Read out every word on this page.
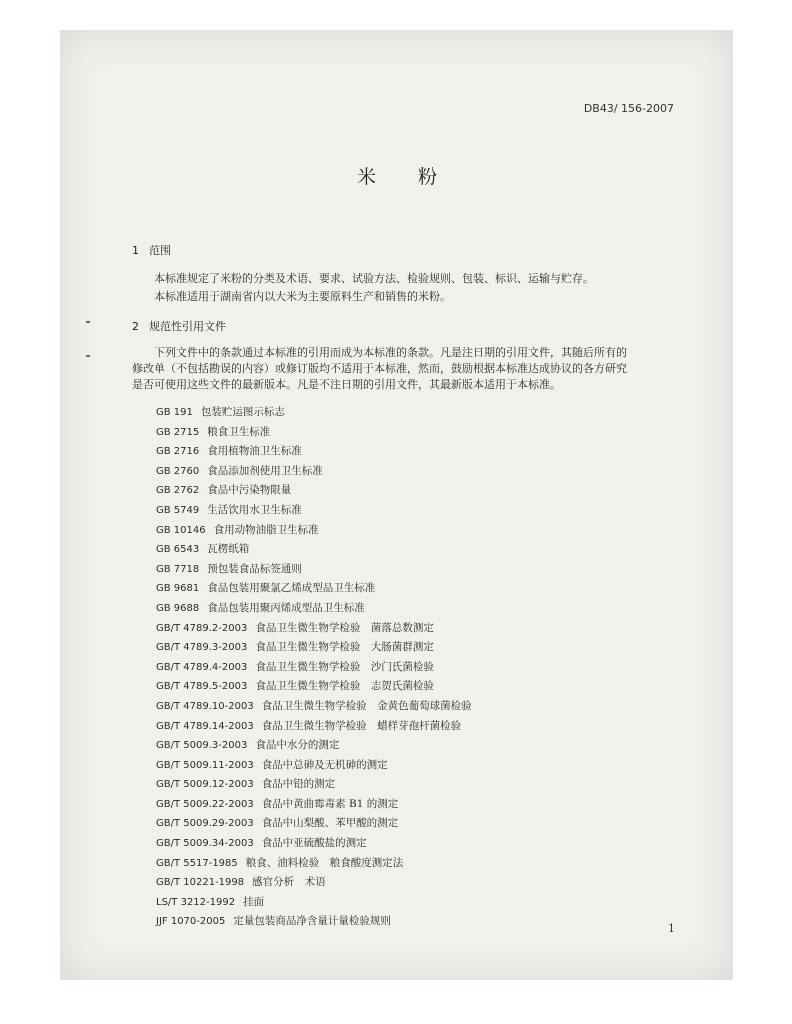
DB43/ 156-2007
米 粉
1 范围

本标准规定了米粉的分类及术语、要求、试验方法、检验规则、包装、标识、运输与贮存。

本标准适用于湖南省内以大米为主要原料生产和销售的米粉。

2 规范性引用文件

下列文件中的条款通过本标准的引用而成为本标准的条款。凡是注日期的引用文件，其随后所有的

修改单（不包括勘误的内容）或修订版均不适用于本标准，然而，鼓励根据本标准达成协议的各方研究

是否可使用这些文件的最新版本。凡是不注日期的引用文件，其最新版本适用于本标准。

GB 191 包装贮运图示标志
GB 2715 粮食卫生标准
GB 2716 食用植物油卫生标准
GB 2760 食品添加剂使用卫生标准
GB 2762 食品中污染物限量
GB 5749 生活饮用水卫生标准
GB 10146 食用动物油脂卫生标准
GB 6543 瓦楞纸箱
GB 7718 预包装食品标签通则
GB 9681 食品包装用聚氯乙烯成型品卫生标准
GB 9688 食品包装用聚丙烯成型品卫生标准
GB/T 4789.2-2003 食品卫生微生物学检验　菌落总数测定
GB/T 4789.3-2003 食品卫生微生物学检验　大肠菌群测定
GB/T 4789.4-2003 食品卫生微生物学检验　沙门氏菌检验
GB/T 4789.5-2003 食品卫生微生物学检验　志贺氏菌检验
GB/T 4789.10-2003 食品卫生微生物学检验　金黄色葡萄球菌检验
GB/T 4789.14-2003 食品卫生微生物学检验　蜡样芽孢杆菌检验
GB/T 5009.3-2003 食品中水分的测定
GB/T 5009.11-2003 食品中总砷及无机砷的测定
GB/T 5009.12-2003 食品中铅的测定
GB/T 5009.22-2003 食品中黄曲霉毒素 B1 的测定
GB/T 5009.29-2003 食品中山梨酸、苯甲酸的测定
GB/T 5009.34-2003 食品中亚硫酸盐的测定
GB/T 5517-1985 粮食、油料检验　粮食酸度测定法
GB/T 10221-1998 感官分析　术语
LS/T 3212-1992 挂面
JJF 1070-2005 定量包装商品净含量计量检验规则
1
